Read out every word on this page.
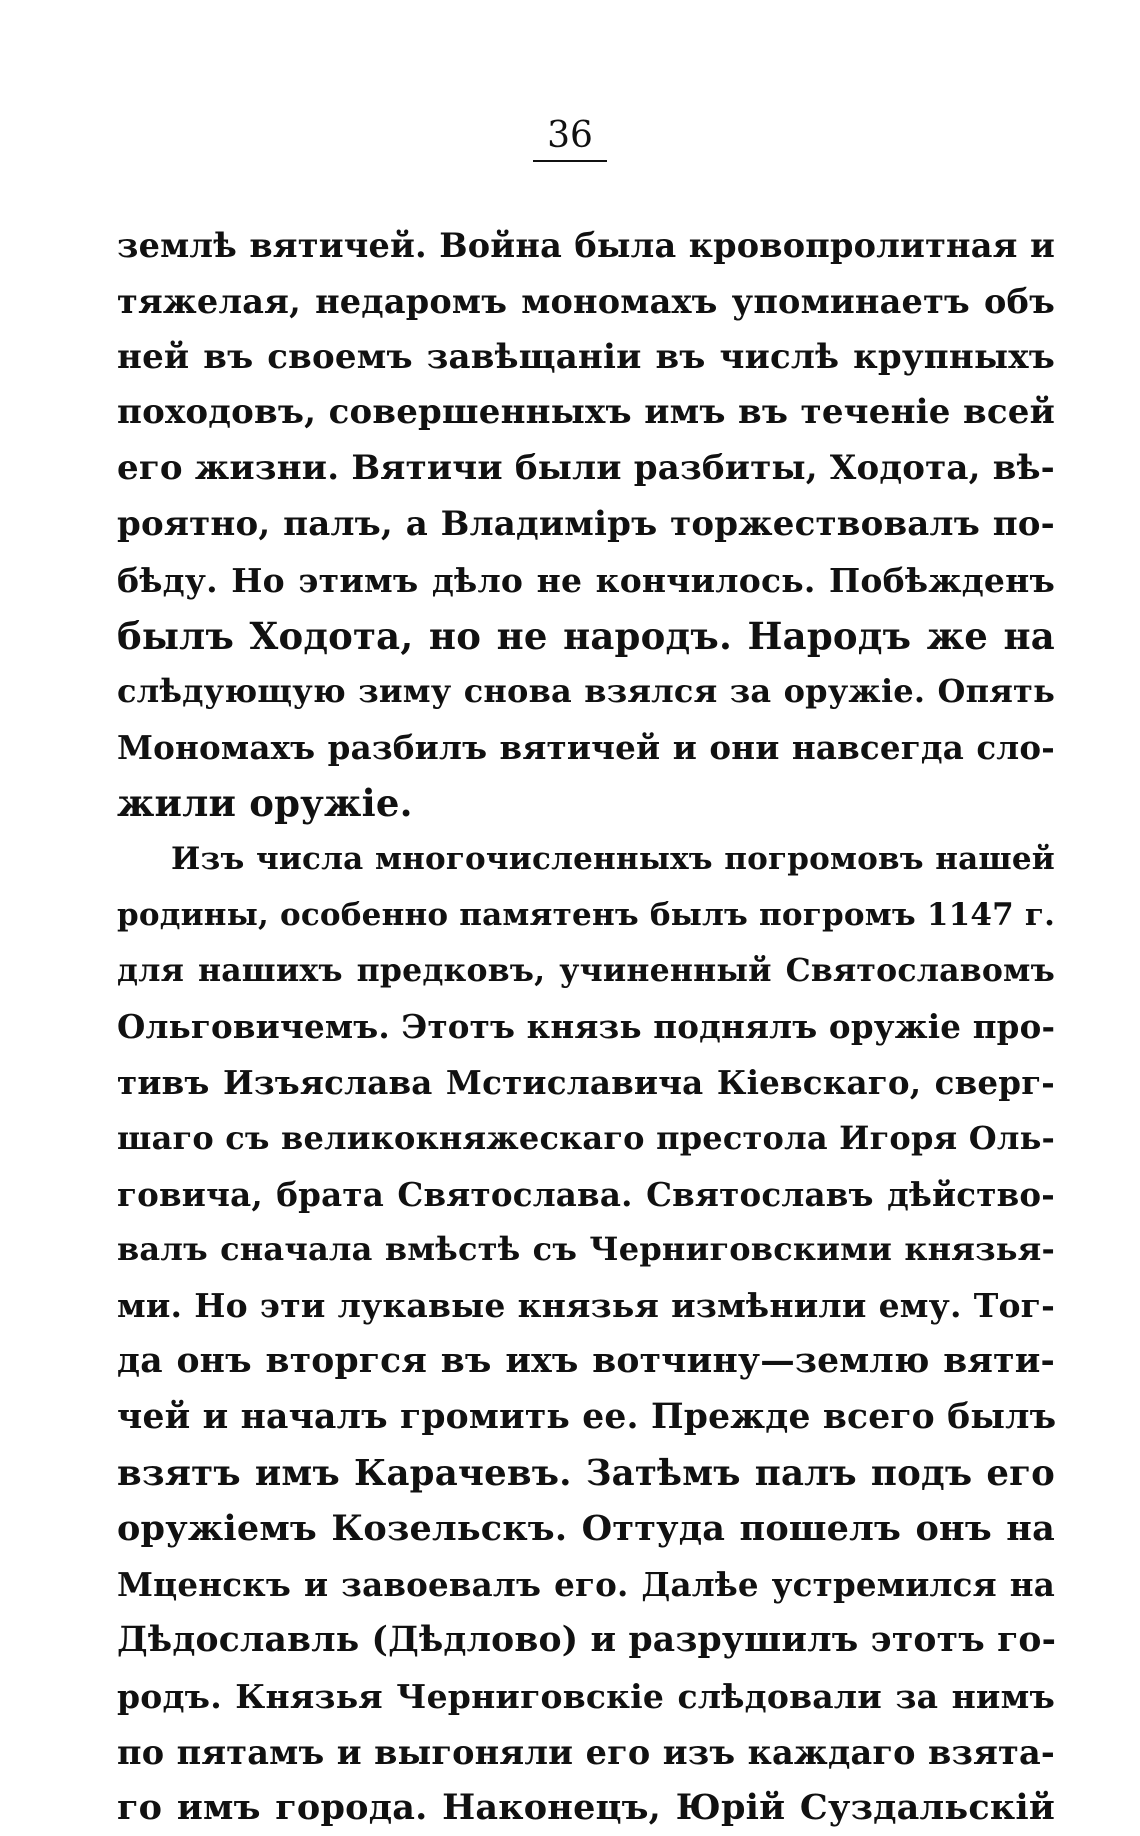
36
землѣ вятичей. Война была кровопролитная и
тяжелая, недаромъ мономахъ упоминаетъ объ
ней въ своемъ завѣщаніи въ числѣ крупныхъ
походовъ, совершенныхъ имъ въ теченіе всей
его жизни. Вятичи были разбиты, Ходота, вѣ-
роятно, палъ, а Владиміръ торжествовалъ по-
бѣду. Но этимъ дѣло не кончилось. Побѣжденъ
былъ Ходота, но не народъ. Народъ же на
слѣдующую зиму снова взялся за оружіе. Опять
Мономахъ разбилъ вятичей и они навсегда сло-
жили оружіе.
Изъ числа многочисленныхъ погромовъ нашей
родины, особенно памятенъ былъ погромъ 1147 г.
для нашихъ предковъ, учиненный Святославомъ
Ольговичемъ. Этотъ князь поднялъ оружіе про-
тивъ Изъяслава Мстиславича Кіевскаго, сверг-
шаго съ великокняжескаго престола Игоря Оль-
говича, брата Святослава. Святославъ дѣйство-
валъ сначала вмѣстѣ съ Черниговскими князья-
ми. Но эти лукавые князья измѣнили ему. Тог-
да онъ вторгся въ ихъ вотчину—землю вяти-
чей и началъ громить ее. Прежде всего былъ
взятъ имъ Карачевъ. Затѣмъ палъ подъ его
оружіемъ Козельскъ. Оттуда пошелъ онъ на
Мценскъ и завоевалъ его. Далѣе устремился на
Дѣдославль (Дѣдлово) и разрушилъ этотъ го-
родъ. Князья Черниговскіе слѣдовали за нимъ
по пятамъ и выгоняли его изъ каждаго взята-
го имъ города. Наконецъ, Юрій Суздальскій
